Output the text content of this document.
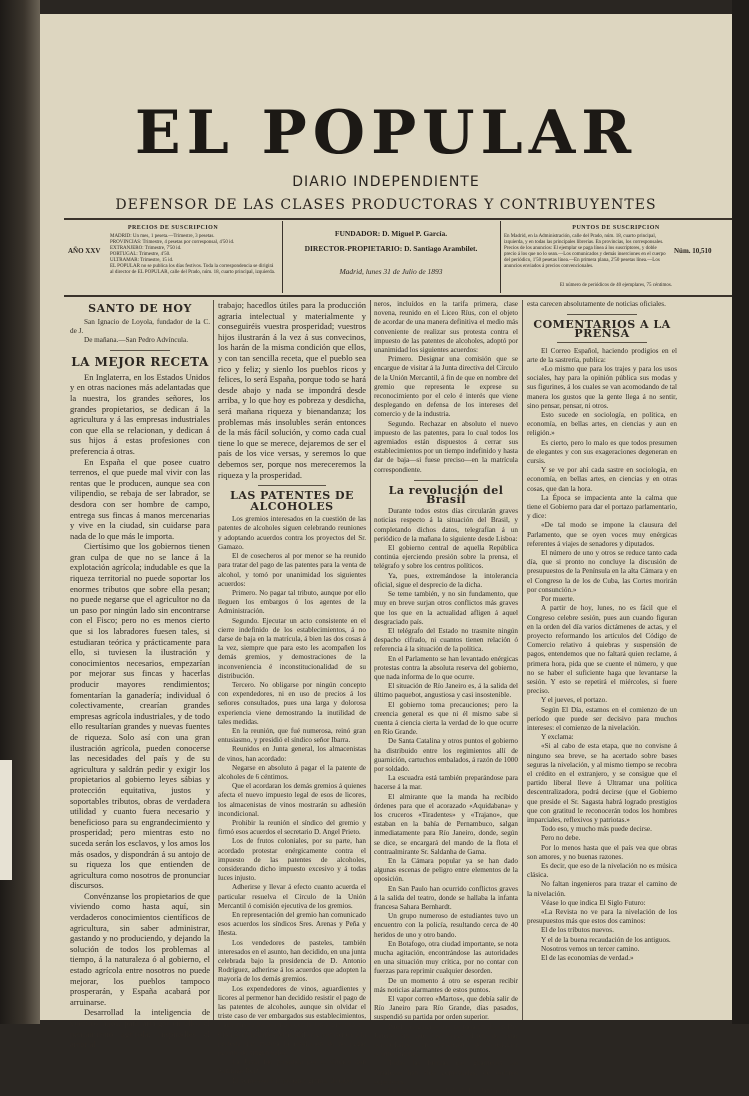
EL POPULAR
DIARIO INDEPENDIENTE
DEFENSOR DE LAS CLASES PRODUCTORAS Y CONTRIBUYENTES
PRECIOS DE SUSCRIPCION
AÑO XXV
MADRID: Un mes, 1 peseta.—Trimestre, 3 pesetas.
PROVINCIAS: Trimestre, 4 pesetas por corresponsal, 4'50 id.
EXTRANJERO: Trimestre, 7'50 id.
PORTUGAL: Trimestre, 4'50.
ULTRAMAR: Trimestre, 15 id.
EL POPULAR no se publica los días festivos. Toda la correspondencia se dirigirá al director de EL POPULAR, calle del Prado, núm. 18, cuarto principal, izquierda.
FUNDADOR: D. Miguel P. García.
DIRECTOR-PROPIETARIO: D. Santiago Arambilet.
Madrid, lunes 31 de Julio de 1893
PUNTOS DE SUSCRIPCION
En Madrid, en la Administración, calle del Prado, núm. 18, cuarto principal, izquierda, y en todas las principales librerías. En provincias, los corresponsales.
Precios de los anuncios: El ejemplar se paga línea á los suscriptores, y doble precio á los que no lo sean.—Los comunicados y demás inserciones en el cuerpo del periódico, 1'50 pesetas línea.—En primera plana, 2'50 pesetas línea.—Los anuncios enviados á precios convencionales.
Núm. 10,510
El número de periódicos de 40 ejemplares, 75 céntimos.
SANTO DE HOY

San Ignacio de Loyola, fundador de la C. de J.

De mañana.—San Pedro Advíncula.

LA MEJOR RECETA

En Inglaterra, en los Estados Unidos y en otras naciones más adelantadas que la nuestra, los grandes señores, los grandes propietarios, se dedican á la agricultura y á las empresas industriales con que ella se relacionan, y dedican á sus hijos á estas profesiones con preferencia á otras.

En España el que posee cuatro terrenos, el que puede mal vivir con las rentas que le producen, aunque sea con vilipendio, se rebaja de ser labrador, se desdora con ser hombre de campo, entrega sus fincas á manos mercenarias y vive en la ciudad, sin cuidarse para nada de lo que más le importa.

Ciertísimo que los gobiernos tienen gran culpa de que no se lance á la explotación agrícola; indudable es que la riqueza territorial no puede soportar los enormes tributos que sobre ella pesan; no puede negarse que el agricultor no da un paso por ningún lado sin encontrarse con el Fisco; pero no es menos cierto que si los labradores fuesen tales, si estudiaran teórica y prácticamente para ello, si tuviesen la ilustración y conocimientos necesarios, empezarían por mejorar sus fincas y hacerlas producir mayores rendimientos; fomentarían la ganadería; individual ó colectivamente, crearían grandes empresas agrícola industriales, y de todo ello resultarían grandes y nuevas fuentes de riqueza. Solo así con una gran ilustración agrícola, pueden conocerse las necesidades del país y de su agricultura y saldrán pedir y exigir los propietarios al gobierno leyes sábias y protección equitativa, justos y soportables tributos, obras de verdadera utilidad y cuanto fuera necesario y beneficioso para su engrandecimiento y prosperidad; pero mientras esto no suceda serán los esclavos, y los amos los más osados, y dispondrán á su antojo de su riqueza los que entienden de agricultura como nosotros de pronunciar discursos.

Convénzanse los propietarios de que viviendo como hasta aquí, sin verdaderos conocimientos científicos de agricultura, sin saber administrar, gastando y no produciendo, y dejando la solución de todos los problemas al tiempo, á la naturaleza ó al gobierno, el estado agrícola entre nosotros no puede mejorar, los pueblos tampoco prosperarán, y España acabará por arruinarse.

Desarrollad la inteligencia de vuestros hijos, para arraigar en ellos el pensamiento agrícola; inspiradles el amor al

trabajo; hacedlos útiles para la producción agraria intelectual y materialmente y conseguiréis vuestra prosperidad; vuestros hijos ilustrarán á la vez á sus convecinos, los harán de la misma condición que ellos, y con tan sencilla receta, que el pueblo sea rico y feliz; y sienlo los pueblos ricos y felices, lo será España, porque todo se hará desde abajo y nada se impondrá desde arriba, y lo que hoy es pobreza y desdicha, será mañana riqueza y bienandanza; los problemas más insolubles serán entonces de la más fácil solución, y como cada cual tiene lo que se merece, dejaremos de ser el país de los vice versas, y seremos lo que debemos ser, porque nos mereceremos la riqueza y la prosperidad.

LAS PATENTES DE ALCOHOLES

Los gremios interesados en la cuestión de las patentes de alcoholes siguen celebrando reuniones y adoptando acuerdos contra los proyectos del Sr. Gamazo.

El de cosecheros al por menor se ha reunido para tratar del pago de las patentes para la venta de alcohol, y tomó por unanimidad los siguientes acuerdos:

Primero. No pagar tal tributo, aunque por ello lleguen los embargos ó los agentes de la Administración.

Segundo. Ejecutar un acto consistente en el cierre indefinido de los establecimientos, á no darse de baja en la matrícula, á bien las dos cosas á la vez, siempre que para esto les acompañen los demás gremios, y demostraciones de la inconveniencia é inconstitucionalidad de su distribución.

Tercero. No obligarse por ningún concepto con expendedores, ni en uso de precios á los señores consultados, pues una larga y dolorosa experiencia viene demostrando la inutilidad de tales medidas.

En la reunión, que fué numerosa, reinó gran entusiasmo, y presidió el síndico señor Ibarra.

Reunidos en Junta general, los almacenistas de vinos, han acordado:

Negarse en absoluto á pagar el la patente de alcoholes de 6 céntimos.

Que el acordaran los demás gremios á quienes afecta el nuevo impuesto legal de esos de licores, los almacenistas de vinos mostrarán su adhesión incondicional.

Prohibir la reunión el síndico del gremio y firmó esos acuerdos el secretario D. Angel Prieto.

Los de frutos coloniales, por su parte, han acordado protestar enérgicamente contra el impuesto de las patentes de alcoholes, considerando dicho impuesto excesivo y á todas luces injusto.

Adherirse y llevar á efecto cuanto acuerda el particular resuelva el Círculo de la Unión Mercantil ó comisión ejecutiva de los gremios.

En representación del gremio han comunicado esos acuerdos los síndicos Sres. Arenas y Peña y Iñesta.

Los vendedores de pasteles, también interesados en el asunto, han decidido, en una junta celebrada bajo la presidencia de D. Antonio Rodríguez, adherirse á los acuerdos que adopten la mayoría de los demás gremios.

Los expendedores de vinos, aguardientes y licores al permenor han decidido resistir el pago de las patentes de alcoholes, aunque sin olvidar el triste caso de ver embargados sus establecimientos, y adherirse á los acuerdos que la Junta directiva del Círculo de la Unión Mercantil crea pertinentes á la protesta que motiva la resolución de no pagar patente de ningún valor.

La Junta fué presidida por el síndico don Santiago Ruiz.

El numeroso é importante gremio de taber-

neros, incluídos en la tarifa primera, clase novena, reunido en el Liceo Ríus, con el objeto de acordar de una manera definitiva el medio más conveniente de realizar sus protesta contra el impuesto de las patentes de alcoholes, adoptó por unanimidad los siguientes acuerdos:

Primero. Designar una comisión que se encargue de visitar á la Junta directiva del Círculo de la Unión Mercantil, á fin de que en nombre del gremio que representa le exprese su reconocimiento por el celo é interés que viene desplegando en defensa de los intereses del comercio y de la industria.

Segundo. Rechazar en absoluto el nuevo impuesto de las patentes, para lo cual todos los agremiados están dispuestos á cerrar sus establecimientos por un tiempo indefinido y hasta dar de baja—si fuese preciso—en la matrícula correspondiente.

La revolución del Brasil

Durante todos estos días circularán graves noticias respecto á la situación del Brasil, y completando dichos datos, telegrafían á un periódico de la mañana lo siguiente desde Lisboa:

El gobierno central de aquella República continúa ejerciendo presión sobre la prensa, el telégrafo y sobre los centros políticos.

Ya, pues, extremándose la intolerancia oficial, sigue el desprecio de la dicha.

Se teme también, y no sin fundamento, que muy en breve surjan otros conflictos más graves que los que en la actualidad afligen á aquel desgraciado país.

El telégrafo del Estado no trasmite ningún despacho cifrado, ni cuantos tienen relación ó referencia á la situación de la política.

En el Parlamento se han levantado enérgicas protestas contra la absoluta reserva del gobierno, que nada informa de lo que ocurre.

El situación de Río Janeiro es, á la salida del último paquebot, angustiosa y casi insostenible.

El gobierno toma precauciones; pero la creencia general es que ni él mismo sabe si cuenta á ciencia cierta la verdad de lo que ocurre en Río Grande.

De Santa Catalina y otros puntos el gobierno ha distribuido entre los regimientos allí de guarnición, cartuchos embalados, á razón de 1000 por soldado.

La escuadra está también preparándose para hacerse á la mar.

El almirante que la manda ha recibido órdenes para que el acorazado «Aquidabana» y los cruceros «Tiradentes» y «Trajano», que estaban en la bahía de Pernambuco, salgan inmediatamente para Río Janeiro, donde, según se dice, se encargará del mando de la flota el contraalmirante Sr. Saldanha de Gama.

En la Cámara popular ya se han dado algunas escenas de peligro entre elementos de la oposición.

En San Paulo han ocurrido conflictos graves á la salida del teatro, donde se hallaba la infanta francesa Sahara Bernhardt.

Un grupo numeroso de estudiantes tuvo un encuentro con la policía, resultando cerca de 40 heridos de uno y otro bando.

En Botafogo, otra ciudad importante, se nota mucha agitación, encontrándose las autoridades en una situación muy crítica, por no contar con fuerzas para reprimir cualquier desorden.

De un momento á otro se esperan recibir más noticias alarmantes de estos puntos.

El vapor correo «Martos», que debía salir de Río Janeiro para Río Grande, días pasados, suspendió su partida por orden superior.

Puede asegurarse que no pasa un día en Río Janeiro sin que las tropas dejen de estar acuarteladas, en previsión de cualquier acontecimiento.

Todas las fuerzas que guarnecen las fortalezas han sido aumentadas, de órdenes superiores.

La legación y consulado de Río Janeiro en

esta carecen absolutamente de noticias oficiales.

COMENTARIOS A LA PRENSA

El Correo Español, haciendo prodigios en el arte de la sastrería, publica:

«Lo mismo que para los trajes y para los usos sociales, hay para la opinión pública sus modas y sus figurines, á los cuales se van acomodando de tal manera los gustos que la gente llega á no sentir, sino pensar, pensar, ni otros.

Esto sucede en sociología, en política, en economía, en bellas artes, en ciencias y aun en religión.»

Es cierto, pero lo malo es que todos presumen de elegantes y con sus exageraciones degeneran en cursis.

Y se ve por ahí cada sastre en sociología, en economía, en bellas artes, en ciencias y en otras cosas, que dan la hora.

La Época se impacienta ante la calma que tiene el Gobierno para dar el portazo parlamentario, y dice:

«De tal modo se impone la clausura del Parlamento, que se oyen voces muy enérgicas referentes á viajes de senadores y diputados.

El número de uno y otros se reduce tanto cada día, que si pronto no concluye la discusión de presupuestos de la Península en la alta Cámara y en el Congreso la de los de Cuba, las Cortes morirán por consunción.»

Por muerte.

A partir de hoy, lunes, no es fácil que el Congreso celebre sesión, pues aun cuando figuran en la orden del día varios dictámenes de actas, y el proyecto reformando los artículos del Código de Comercio relativo á quiebras y suspensión de pagos, entendemos que no faltará quien reclame, á primera hora, pida que se cuente el número, y que no se haber el suficiente haga que levantarse la sesión. Y esto se repetirá el miércoles, si fuere preciso.

Y el jueves, el portazo.

Según El Día, estamos en el comienzo de un período que puede ser decisivo para muchos intereses: el comienzo de la nivelación.

Y exclama:

«Si al cabo de esta etapa, que no convisne á ninguno sea breve, se ha acertado sobre bases seguras la nivelación, y al mismo tiempo se recobra el crédito en el extranjero, y se consigue que el partido liberal lleve á Ultramar una política descentralizadora, podrá decirse (que el Gobierno que preside el Sr. Sagasta habrá logrado prestigios que con gratitud le reconocerán todos los hombres imparciales, reflexivos y patriotas.»

Todo eso, y mucho más puede decirse.

Pero no debe.

Por lo menos hasta que el país vea que obras son amores, y no buenas razones.

Es decir, que eso de la nivelación no es música clásica.

No faltan ingenieros para trazar el camino de la nivelación.

Véase lo que indica El Siglo Futuro:

«La Revista no ve para la nivelación de los presupuestos más que estos dos caminos:

El de los tributos nuevos.

Y el de la buena recaudación de los antiguos.

Nosotros vemos un tercer camino.

El de las economías de verdad.»
